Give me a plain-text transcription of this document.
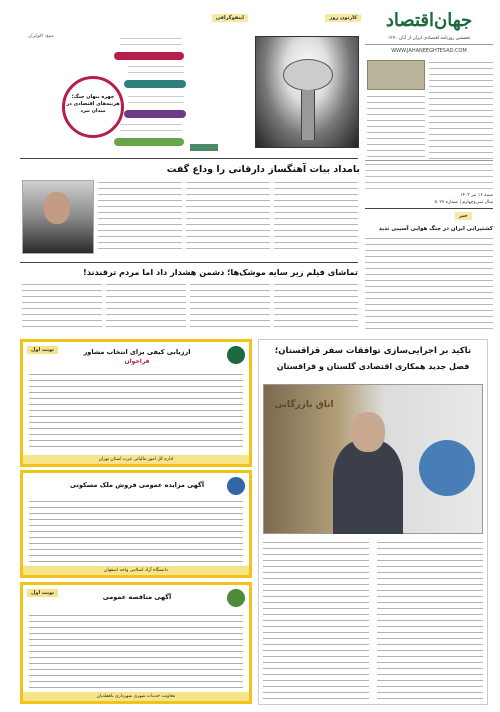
جهان‌اقتصاد
نخستین روزنامه اقتصادی ایران از آبان ۱۳۷۰
WWW.JAHANEEGHTESAD.COM
شنبه ۱۶ تیر ۱۴۰۳
سال سی‌وچهارم | شماره ۵۰۲۷
اینفوگرافی
منبع: اکوایران
چهره پنهان جنگ؛ هزینه‌های اقتصادی در میدان نبرد
کارتون روز
بامداد بیات آهنگساز دارقانی را وداع گفت
تماشای فیلم زیر سایه موشک‌ها؛ دشمن هشدار داد اما مردم ترقندند!
خبر
کشتیرانی ایران در جنگ هوایی آسیبی ندید
نوبت اول	ارزیابی کیفی برای انتخاب مشاور
فراخوان
اداره کل امور مالیاتی غرب استان تهران
آگهی مزایده عمومی فروش ملک مسکونی
دانشگاه آزاد اسلامی واحد اصفهان
نوبت اول	آگهی مناقصه عمومی
معاونت خدمات شهری شهرداری بافقلدیان
تاکید بر اجرایی‌سازی توافقات سفر قزاقستان؛
فصل جدید همکاری اقتصادی گلستان و قزاقستان
اتاق بازرگانی
